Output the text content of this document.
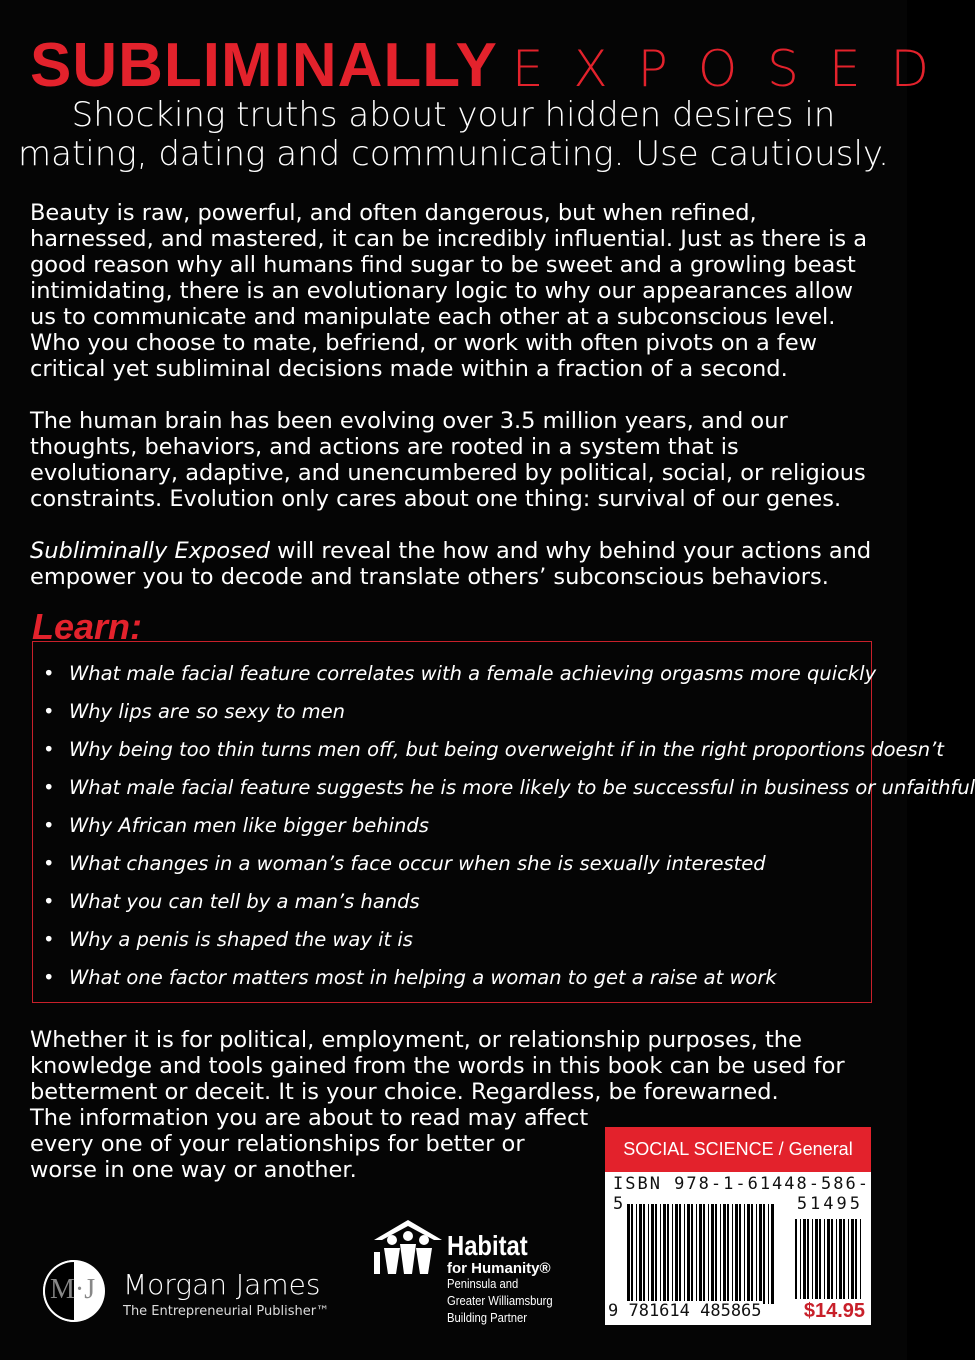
SUBLIMINALLY EXPOSED
Shocking truths about your hidden desires in
mating, dating and communicating. Use cautiously.
Beauty is raw, powerful, and often dangerous, but when refined, harnessed, and mastered, it can be incredibly influential. Just as there is a good reason why all humans find sugar to be sweet and a growling beast intimidating, there is an evolutionary logic to why our appearances allow us to communicate and manipulate each other at a subconscious level. Who you choose to mate, befriend, or work with often pivots on a few critical yet subliminal decisions made within a fraction of a second.
The human brain has been evolving over 3.5 million years, and our thoughts, behaviors, and actions are rooted in a system that is evolutionary, adaptive, and unencumbered by political, social, or religious constraints. Evolution only cares about one thing: survival of our genes.
Subliminally Exposed will reveal the how and why behind your actions and empower you to decode and translate others’ subconscious behaviors.
Learn:
• What male facial feature correlates with a female achieving orgasms more quickly
• Why lips are so sexy to men
• Why being too thin turns men off, but being overweight if in the right proportions doesn’t
• What male facial feature suggests he is more likely to be successful in business or unfaithful
• Why African men like bigger behinds
• What changes in a woman’s face occur when she is sexually interested
• What you can tell by a man’s hands
• Why a penis is shaped the way it is
• What one factor matters most in helping a woman to get a raise at work
Whether it is for political, employment, or relationship purposes, the knowledge and tools gained from the words in this book can be used for betterment or deceit. It is your choice. Regardless, be forewarned.
The information you are about to read may affect every one of your relationships for better or worse in one way or another.
SOCIAL SCIENCE / General
ISBN 978-1-61448-586-5	51495
9 781614 485865 $14.95
M·J Morgan James
The Entrepreneurial Publisher™
Habitat
for Humanity®
Peninsula and
Greater Williamsburg
Building Partner
